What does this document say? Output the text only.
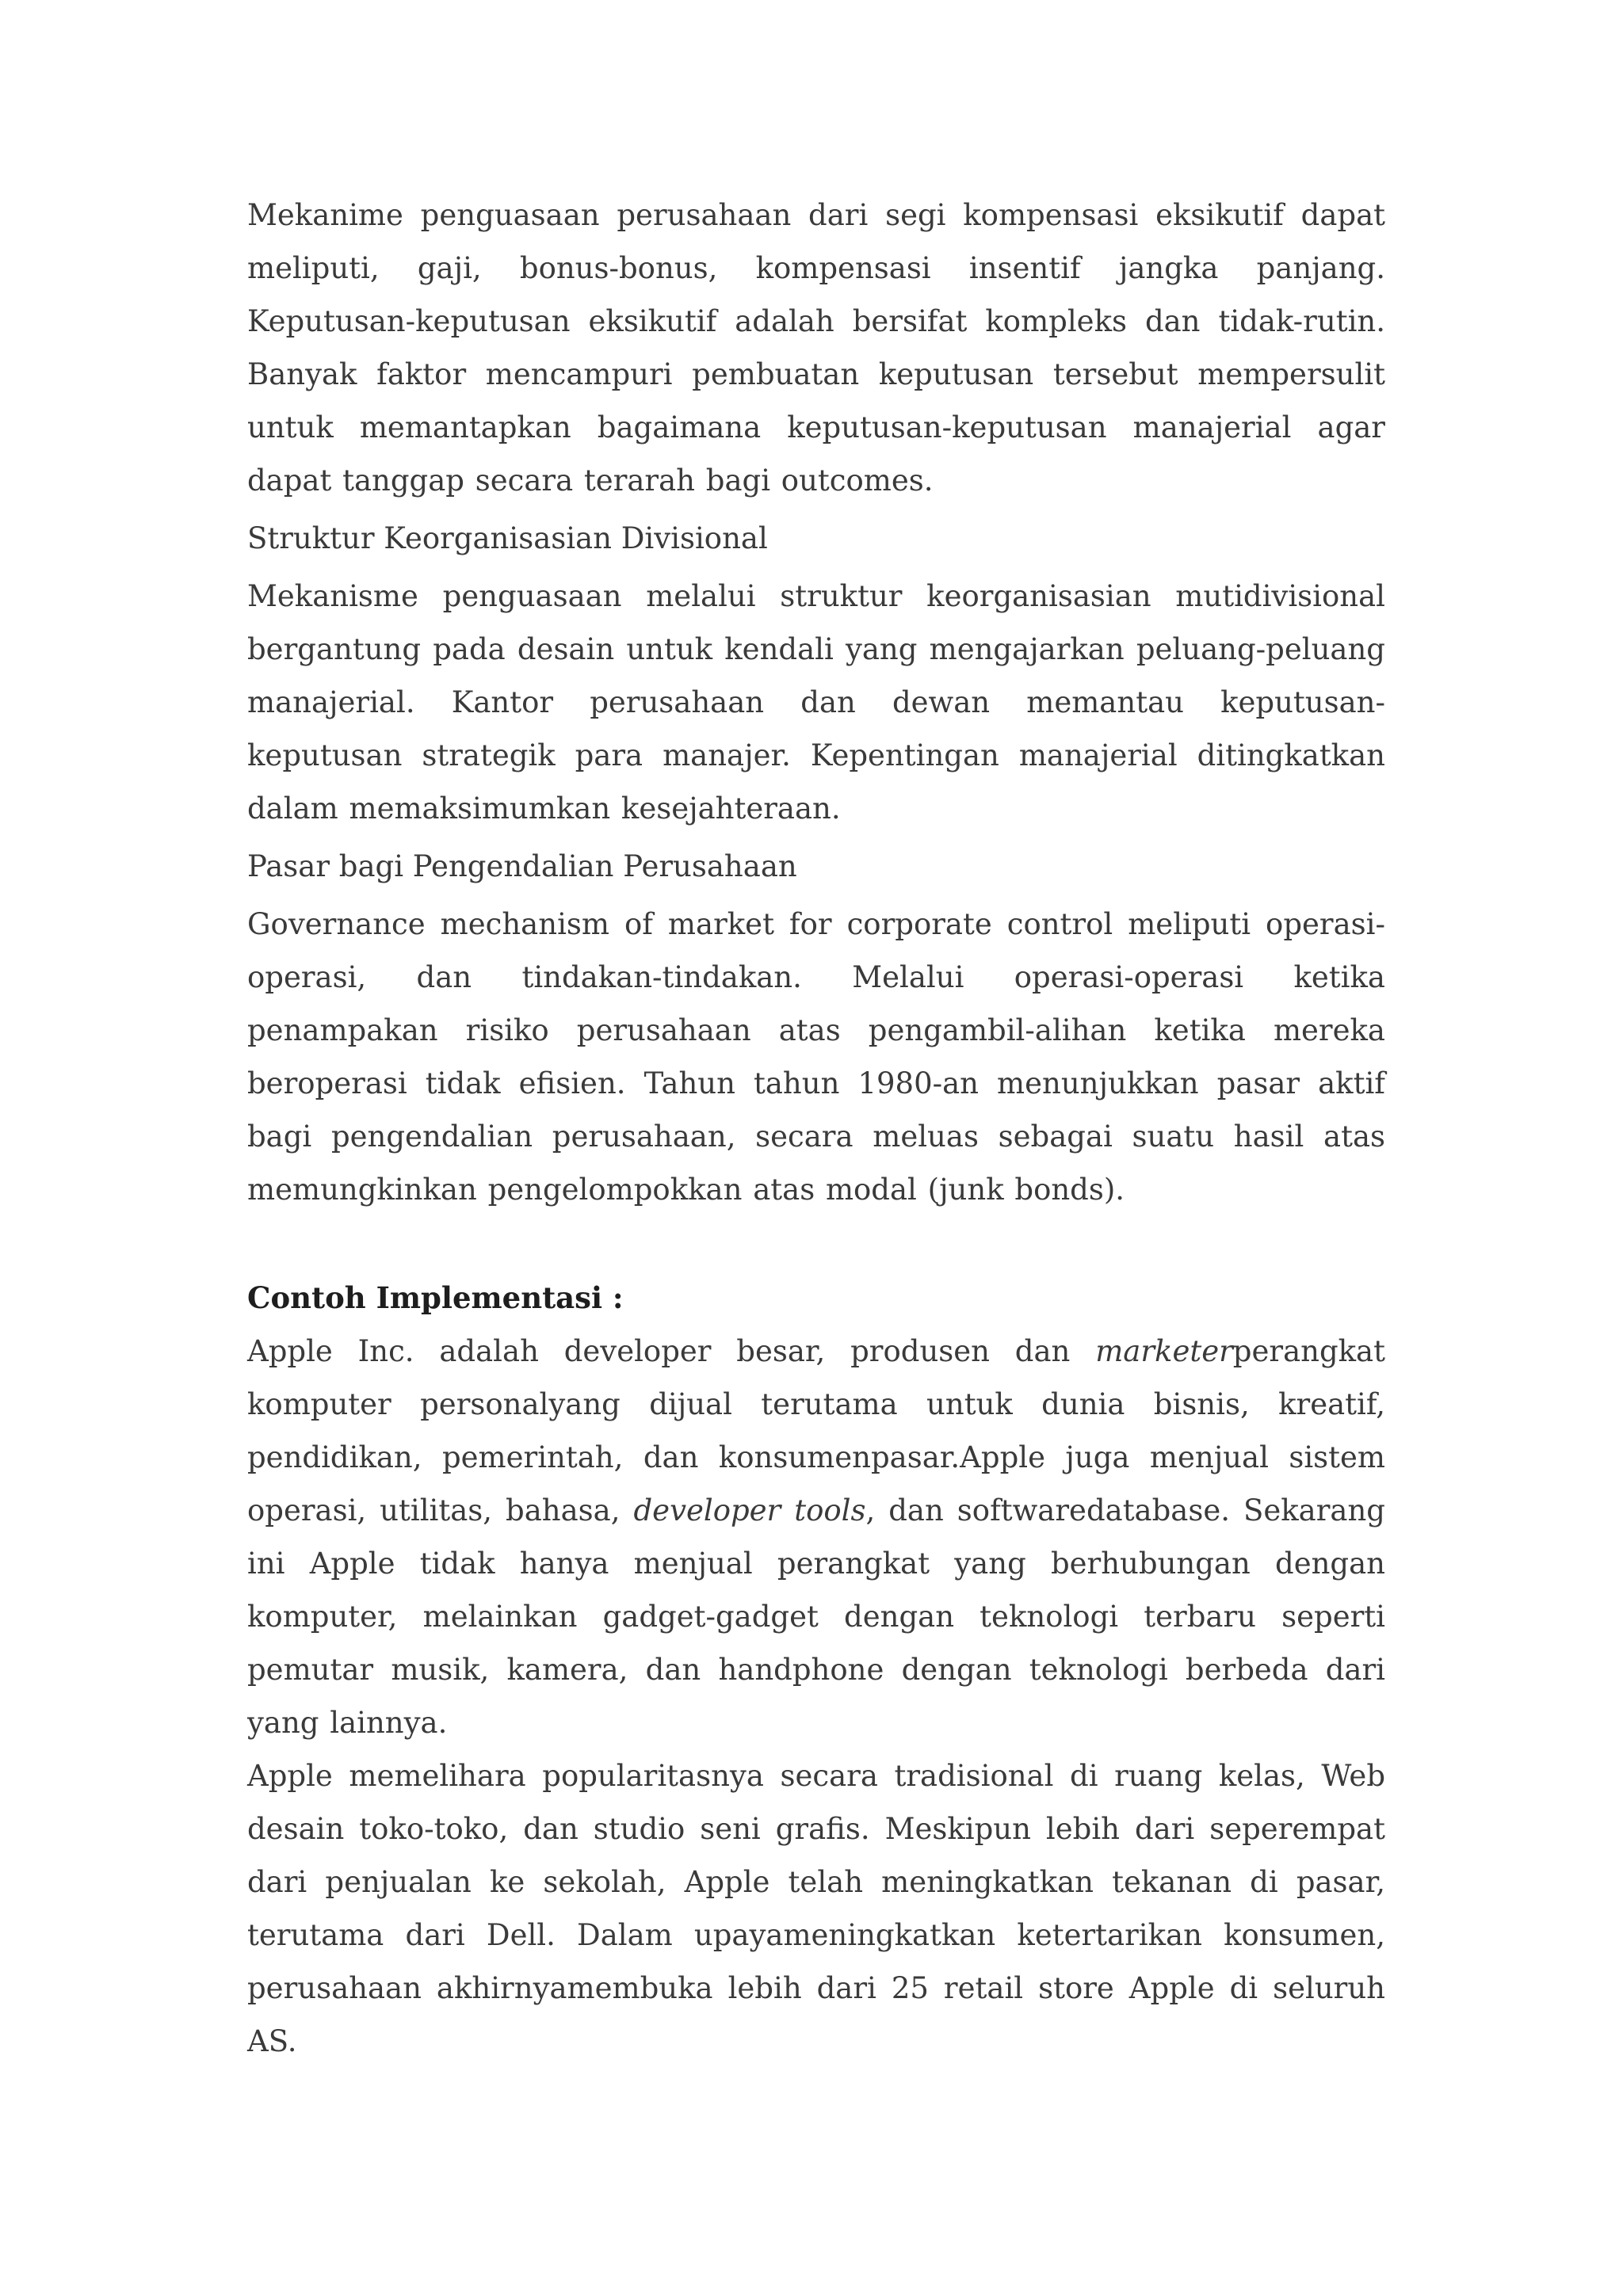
Mekanime penguasaan perusahaan dari segi kompensasi eksikutif dapat meliputi, gaji, bonus-bonus, kompensasi insentif jangka panjang. Keputusan-keputusan eksikutif adalah bersifat kompleks dan tidak-rutin. Banyak faktor mencampuri pembuatan keputusan tersebut mempersulit untuk memantapkan bagaimana keputusan-keputusan manajerial agar dapat tanggap secara terarah bagi outcomes.

Struktur Keorganisasian Divisional

Mekanisme penguasaan melalui struktur keorganisasian mutidivisional bergantung pada desain untuk kendali yang mengajarkan peluang-peluang manajerial. Kantor perusahaan dan dewan memantau keputusan-keputusan strategik para manajer. Kepentingan manajerial ditingkatkan dalam memaksimumkan kesejahteraan.

Pasar bagi Pengendalian Perusahaan

Governance mechanism of market for corporate control meliputi operasi-operasi, dan tindakan-tindakan. Melalui operasi-operasi ketika penampakan risiko perusahaan atas pengambil-alihan ketika mereka beroperasi tidak efisien. Tahun tahun 1980-an menunjukkan pasar aktif bagi pengendalian perusahaan, secara meluas sebagai suatu hasil atas memungkinkan pengelompokkan atas modal (junk bonds).

Contoh Implementasi :

Apple Inc. adalah developer besar, produsen dan marketerperangkat komputer personalyang dijual terutama untuk dunia bisnis, kreatif, pendidikan, pemerintah, dan konsumenpasar.Apple juga menjual sistem operasi, utilitas, bahasa, developer tools, dan softwaredatabase. Sekarang ini Apple tidak hanya menjual perangkat yang berhubungan dengan komputer, melainkan gadget-gadget dengan teknologi terbaru seperti pemutar musik, kamera, dan handphone dengan teknologi berbeda dari yang lainnya.

Apple memelihara popularitasnya secara tradisional di ruang kelas, Web desain toko-toko, dan studio seni grafis. Meskipun lebih dari seperempat dari penjualan ke sekolah, Apple telah meningkatkan tekanan di pasar, terutama dari Dell. Dalam upayameningkatkan ketertarikan konsumen, perusahaan akhirnyamembuka lebih dari 25 retail store Apple di seluruh AS.
